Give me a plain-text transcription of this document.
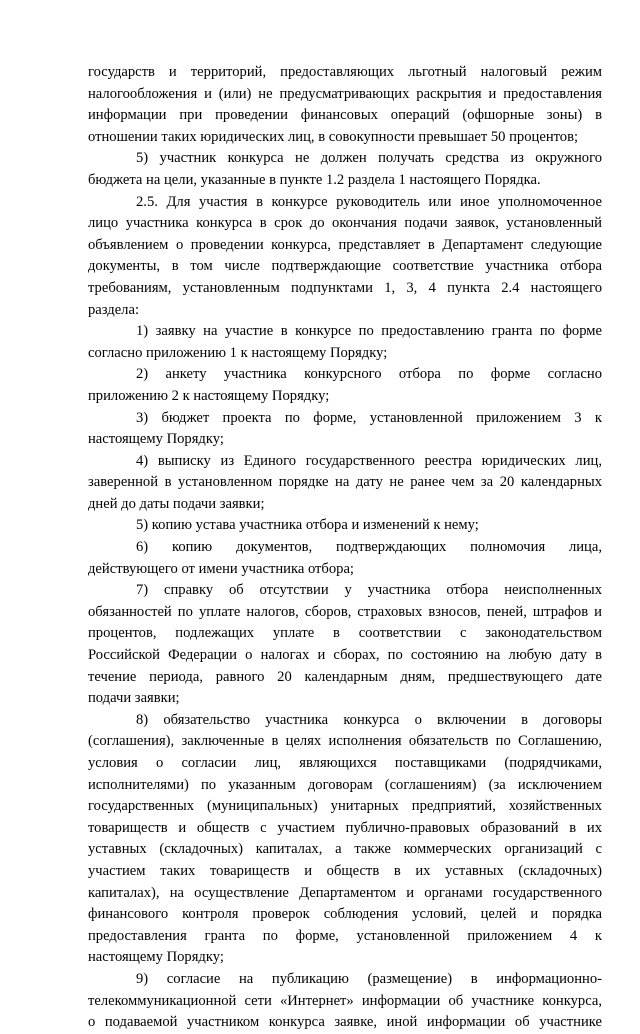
государств и территорий, предоставляющих льготный налоговый режим

налогообложения и (или) не предусматривающих раскрытия и предоставления

информации при проведении финансовых операций (офшорные зоны) в

отношении таких юридических лиц, в совокупности превышает 50 процентов;

5) участник конкурса не должен получать средства из окружного

бюджета на цели, указанные в пункте 1.2 раздела 1 настоящего Порядка.

2.5. Для участия в конкурсе руководитель или иное уполномоченное

лицо участника конкурса в срок до окончания подачи заявок, установленный

объявлением о проведении конкурса, представляет в Департамент следующие

документы, в том числе подтверждающие соответствие участника отбора

требованиям, установленным подпунктами 1, 3, 4 пункта 2.4 настоящего

раздела:

1) заявку на участие в конкурсе по предоставлению гранта по форме

согласно приложению 1 к настоящему Порядку;

2) анкету участника конкурсного отбора по форме согласно

приложению 2 к настоящему Порядку;

3) бюджет проекта по форме, установленной приложением 3 к

настоящему Порядку;

4) выписку из Единого государственного реестра юридических лиц,

заверенной в установленном порядке на дату не ранее чем за 20 календарных

дней до даты подачи заявки;

5) копию устава участника отбора и изменений к нему;

6) копию документов, подтверждающих полномочия лица,

действующего от имени участника отбора;

7) справку об отсутствии у участника отбора неисполненных

обязанностей по уплате налогов, сборов, страховых взносов, пеней, штрафов и

процентов, подлежащих уплате в соответствии с законодательством

Российской Федерации о налогах и сборах, по состоянию на любую дату в

течение периода, равного 20 календарным дням, предшествующего дате

подачи заявки;

8) обязательство участника конкурса о включении в договоры

(соглашения), заключенные в целях исполнения обязательств по Соглашению,

условия о согласии лиц, являющихся поставщиками (подрядчиками,

исполнителями) по указанным договорам (соглашениям) (за исключением

государственных (муниципальных) унитарных предприятий, хозяйственных

товариществ и обществ с участием публично-правовых образований в их

уставных (складочных) капиталах, а также коммерческих организаций с

участием таких товариществ и обществ в их уставных (складочных)

капиталах), на осуществление Департаментом и органами государственного

финансового контроля проверок соблюдения условий, целей и порядка

предоставления гранта по форме, установленной приложением 4 к

настоящему Порядку;

9) согласие на публикацию (размещение) в информационно-

телекоммуникационной сети «Интернет» информации об участнике конкурса,

о подаваемой участником конкурса заявке, иной информации об участнике
